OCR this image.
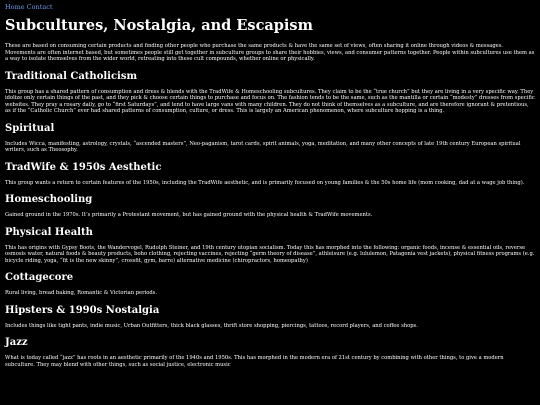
Home Contact
Subcultures, Nostalgia, and Escapism

These are based on consuming certain products and finding other people who purchase the same products & have the same set of views, often sharing it online through videos & messages. Movements are often internet based, but sometimes people still get together in subculture groups to share their hobbies, views, and consumer patterns together. People within subcultures use them as a way to isolate themselves from the wider world, retreating into these cult compounds, whether online or physically.

Traditional Catholicism

This group has a shared pattern of consumption and dress & blends with the TradWife & Homeschooling subcultures. They claim to be the “true church” but they are living in a very specific way. They idolize only certain things of the past, and they pick & choose certain things to purchase and focus on. The fashion tends to be the same, such as the mantilla or certain “modesty” dresses from specific websites. They pray a rosary daily, go to “first Saturdays”, and tend to have large vans with many children. They do not think of themselves as a subculture, and are therefore ignorant & pretentious, as if the “Catholic Church” ever had shared patterns of consumption, culture, or dress. This is largely an American phenomenon, where subculture hopping is a thing.

Spiritual

Includes Wicca, manifesting, astrology, crystals, “ascended masters”, Neo-paganism, tarot cards, spirit animals, yoga, meditation, and many other concepts of late 19th century European spiritual writers, such as Theosophy.

TradWife & 1950s Aesthetic

This group wants a return to certain features of the 1950s, including the TradWife aesthetic, and is primarily focused on young families & the 50s home life (mom cooking, dad at a wage job thing).

Homeschooling

Gained ground in the 1970s. It’s primarily a Protestant movement, but has gained ground with the physical health & TradWife movements.

Physical Health

This has origins with Gypsy Boots, the Wandervogel, Rudolph Steiner, and 19th century utopian socialism. Today this has morphed into the following: organic foods, incense & essential oils, reverse osmosis water, natural foods & beauty products, boho clothing, rejecting vaccines, rejecting “germ theory of disease”, athleisure (e.g. lululemon, Patagonia vest jackets), physical fitness programs (e.g. bicycle riding, yoga, “fit is the new skinny”, crossfit, gym, barre) alternative medicine (chiropractors, homeopathy)

Cottagecore

Rural living, bread baking, Romantic & Victorian periods.

Hipsters & 1990s Nostalgia

Includes things like tight pants, indie music, Urban Outfitters, thick black glasses, thrift store shopping, piercings, tattoos, record players, and coffee shops.

Jazz

What is today called “jazz” has roots in an aesthetic primarily of the 1940s and 1950s. This has morphed in the modern era of 21st century by combining with other things, to give a modern subculture. They may blend with other things, such as social justice, electronic music
